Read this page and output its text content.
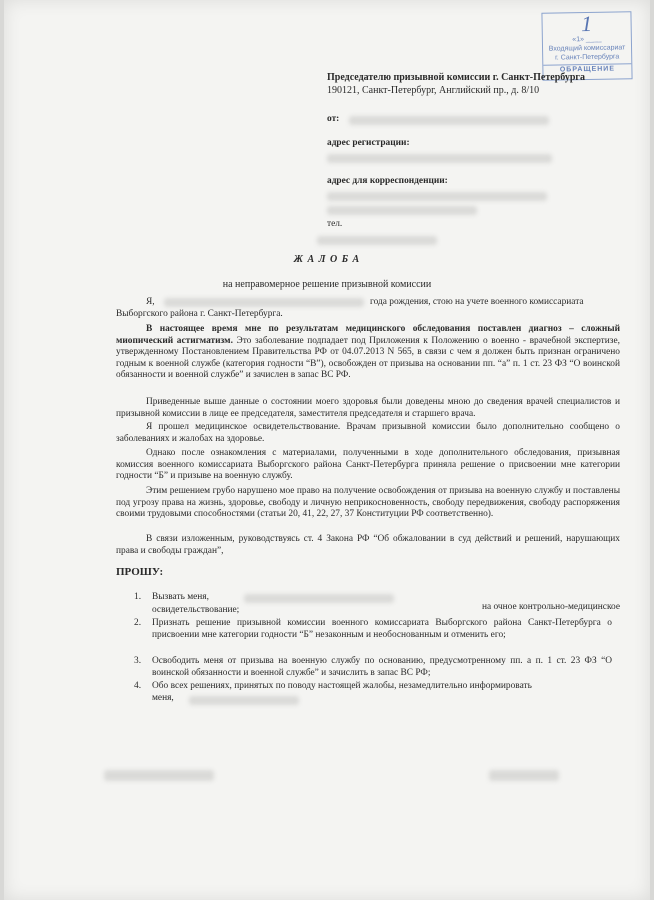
1
«1» ____
Входящий комиссариат
г. Санкт-Петербурга
ОБРАЩЕНИЕ
Председателю призывной комиссии г. Санкт-Петербурга
190121, Санкт-Петербург, Английский пр., д. 8/10
от:
адрес регистрации:
адрес для корреспонденции:
тел.
Ж А Л О Б А
на неправомерное решение призывной комиссии
Я,	года рождения, стою на учете военного комиссариата
Выборгского района г. Санкт-Петербурга.
В настоящее время мне по результатам медицинского обследования поставлен диагноз – сложный миопический астигматизм. Это заболевание подпадает под Приложения к Положению о военно - врачебной экспертизе, утвержденному Постановлением Правительства РФ от 04.07.2013 N 565, в связи с чем я должен быть признан ограничено годным к военной службе (категория годности “В”), освобожден от призыва на основании пп. “а” п. 1 ст. 23 ФЗ “О воинской обязанности и военной службе” и зачислен в запас ВС РФ.
Приведенные выше данные о состоянии моего здоровья были доведены мною до сведения врачей специалистов и призывной комиссии в лице ее председателя, заместителя председателя и старшего врача.
Я прошел медицинское освидетельствование. Врачам призывной комиссии было дополнительно сообщено о заболеваниях и жалобах на здоровье.
Однако после ознакомления с материалами, полученными в ходе дополнительного обследования, призывная комиссия военного комиссариата Выборгского района Санкт-Петербурга приняла решение о присвоении мне категории годности “Б” и призыве на военную службу.
Этим решением грубо нарушено мое право на получение освобождения от призыва на военную службу и поставлены под угрозу права на жизнь, здоровье, свободу и личную неприкосновенность, свободу передвижения, свободу распоряжения своими трудовыми способностями (статьи 20, 41, 22, 27, 37 Конституции РФ соответственно).
В связи изложенным, руководствуясь ст. 4 Закона РФ “Об обжаловании в суд действий и решений, нарушающих права и свободы граждан”,
ПРОШУ:
1. Вызвать меня,
на очное контрольно-медицинское
освидетельствование;
2. Признать решение призывной комиссии военного комиссариата Выборгского района Санкт-Петербурга о присвоении мне категории годности “Б” незаконным и необоснованным и отменить его;
3. Освободить меня от призыва на военную службу по основанию, предусмотренному пп. а п. 1 ст. 23 ФЗ “О воинской обязанности и военной службе” и зачислить в запас ВС РФ;
4. Обо всех решениях, принятых по поводу настоящей жалобы, незамедлительно информировать
меня,
